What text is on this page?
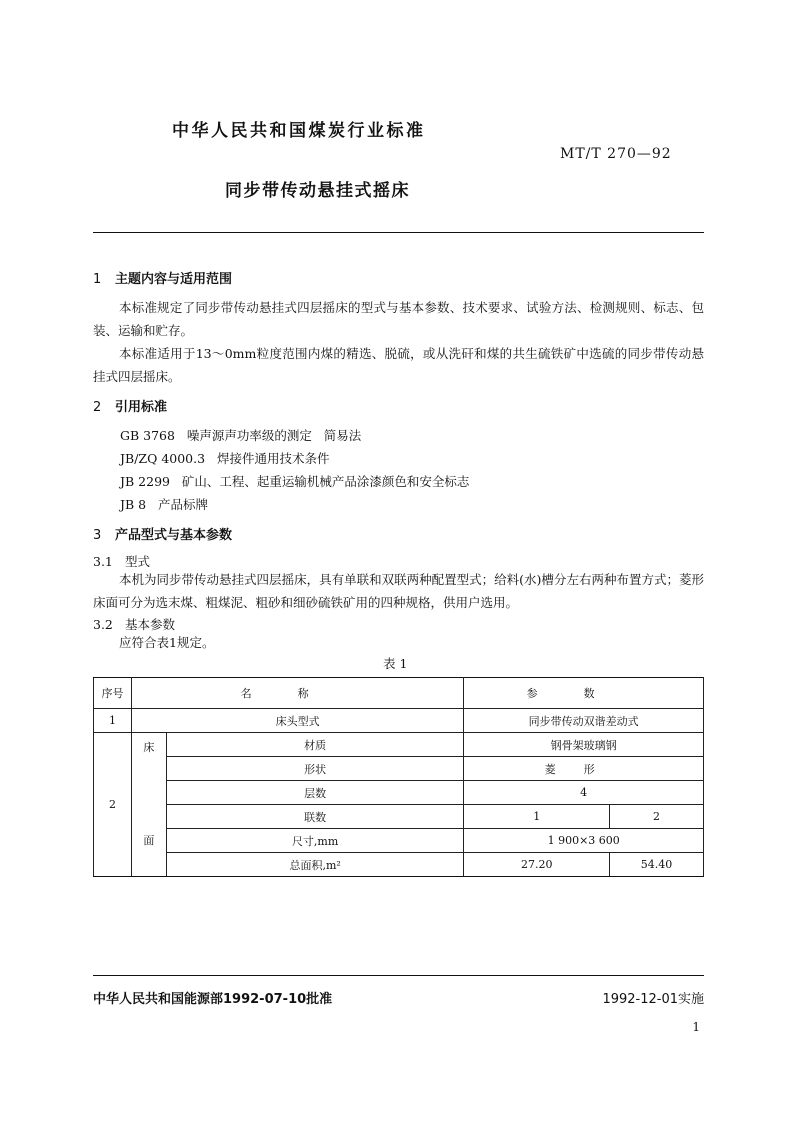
中华人民共和国煤炭行业标准
MT/T 270—92
同步带传动悬挂式摇床
1 主题内容与适用范围
本标准规定了同步带传动悬挂式四层摇床的型式与基本参数、技术要求、试验方法、检测规则、标志、包装、运输和贮存。
本标准适用于13～0mm粒度范围内煤的精选、脱硫，或从洗矸和煤的共生硫铁矿中选硫的同步带传动悬挂式四层摇床。
2 引用标准
GB 3768   噪声源声功率级的测定   简易法
JB/ZQ 4000.3   焊接件通用技术条件
JB 2299   矿山、工程、起重运输机械产品涂漆颜色和安全标志
JB 8   产品标牌
3 产品型式与基本参数
3.1 型式
本机为同步带传动悬挂式四层摇床，具有单联和双联两种配置型式；给料(水)槽分左右两种布置方式；菱形床面可分为选末煤、粗煤泥、粗砂和细砂硫铁矿用的四种规格，供用户选用。
3.2 基本参数
应符合表1规定。
表 1
序号	名称		参数	
1	床头型式		同步带传动双谐差动式	
2	床	材质	钢骨架玻璃钢	
		形状	菱形	
		层数	4	
	面	联数	1	2
		尺寸,mm	1 900×3 600	
		总面积,m²	27.20	54.40
中华人民共和国能源部1992-07-10批准	1992-12-01实施
1
